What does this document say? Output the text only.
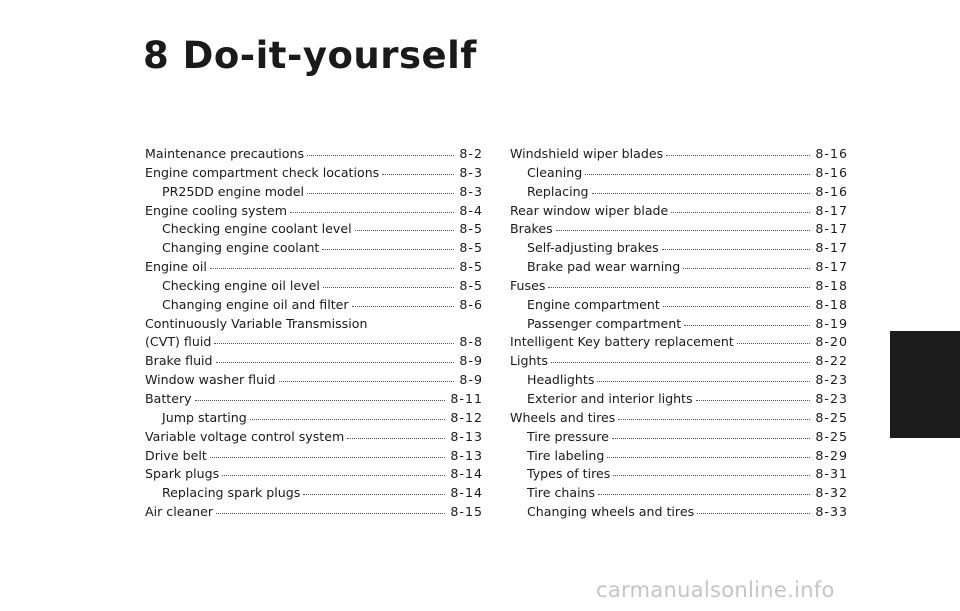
8 Do-it-yourself
Maintenance precautions	8-2
Engine compartment check locations	8-3
PR25DD engine model	8-3
Engine cooling system	8-4
Checking engine coolant level	8-5
Changing engine coolant	8-5
Engine oil	8-5
Checking engine oil level	8-5
Changing engine oil and filter	8-6
Continuously Variable Transmission
(CVT) fluid	8-8
Brake fluid	8-9
Window washer fluid	8-9
Battery	8-11
Jump starting	8-12
Variable voltage control system	8-13
Drive belt	8-13
Spark plugs	8-14
Replacing spark plugs	8-14
Air cleaner	8-15
Windshield wiper blades	8-16
Cleaning	8-16
Replacing	8-16
Rear window wiper blade	8-17
Brakes	8-17
Self-adjusting brakes	8-17
Brake pad wear warning	8-17
Fuses	8-18
Engine compartment	8-18
Passenger compartment	8-19
Intelligent Key battery replacement	8-20
Lights	8-22
Headlights	8-23
Exterior and interior lights	8-23
Wheels and tires	8-25
Tire pressure	8-25
Tire labeling	8-29
Types of tires	8-31
Tire chains	8-32
Changing wheels and tires	8-33
carmanualsonline.info
